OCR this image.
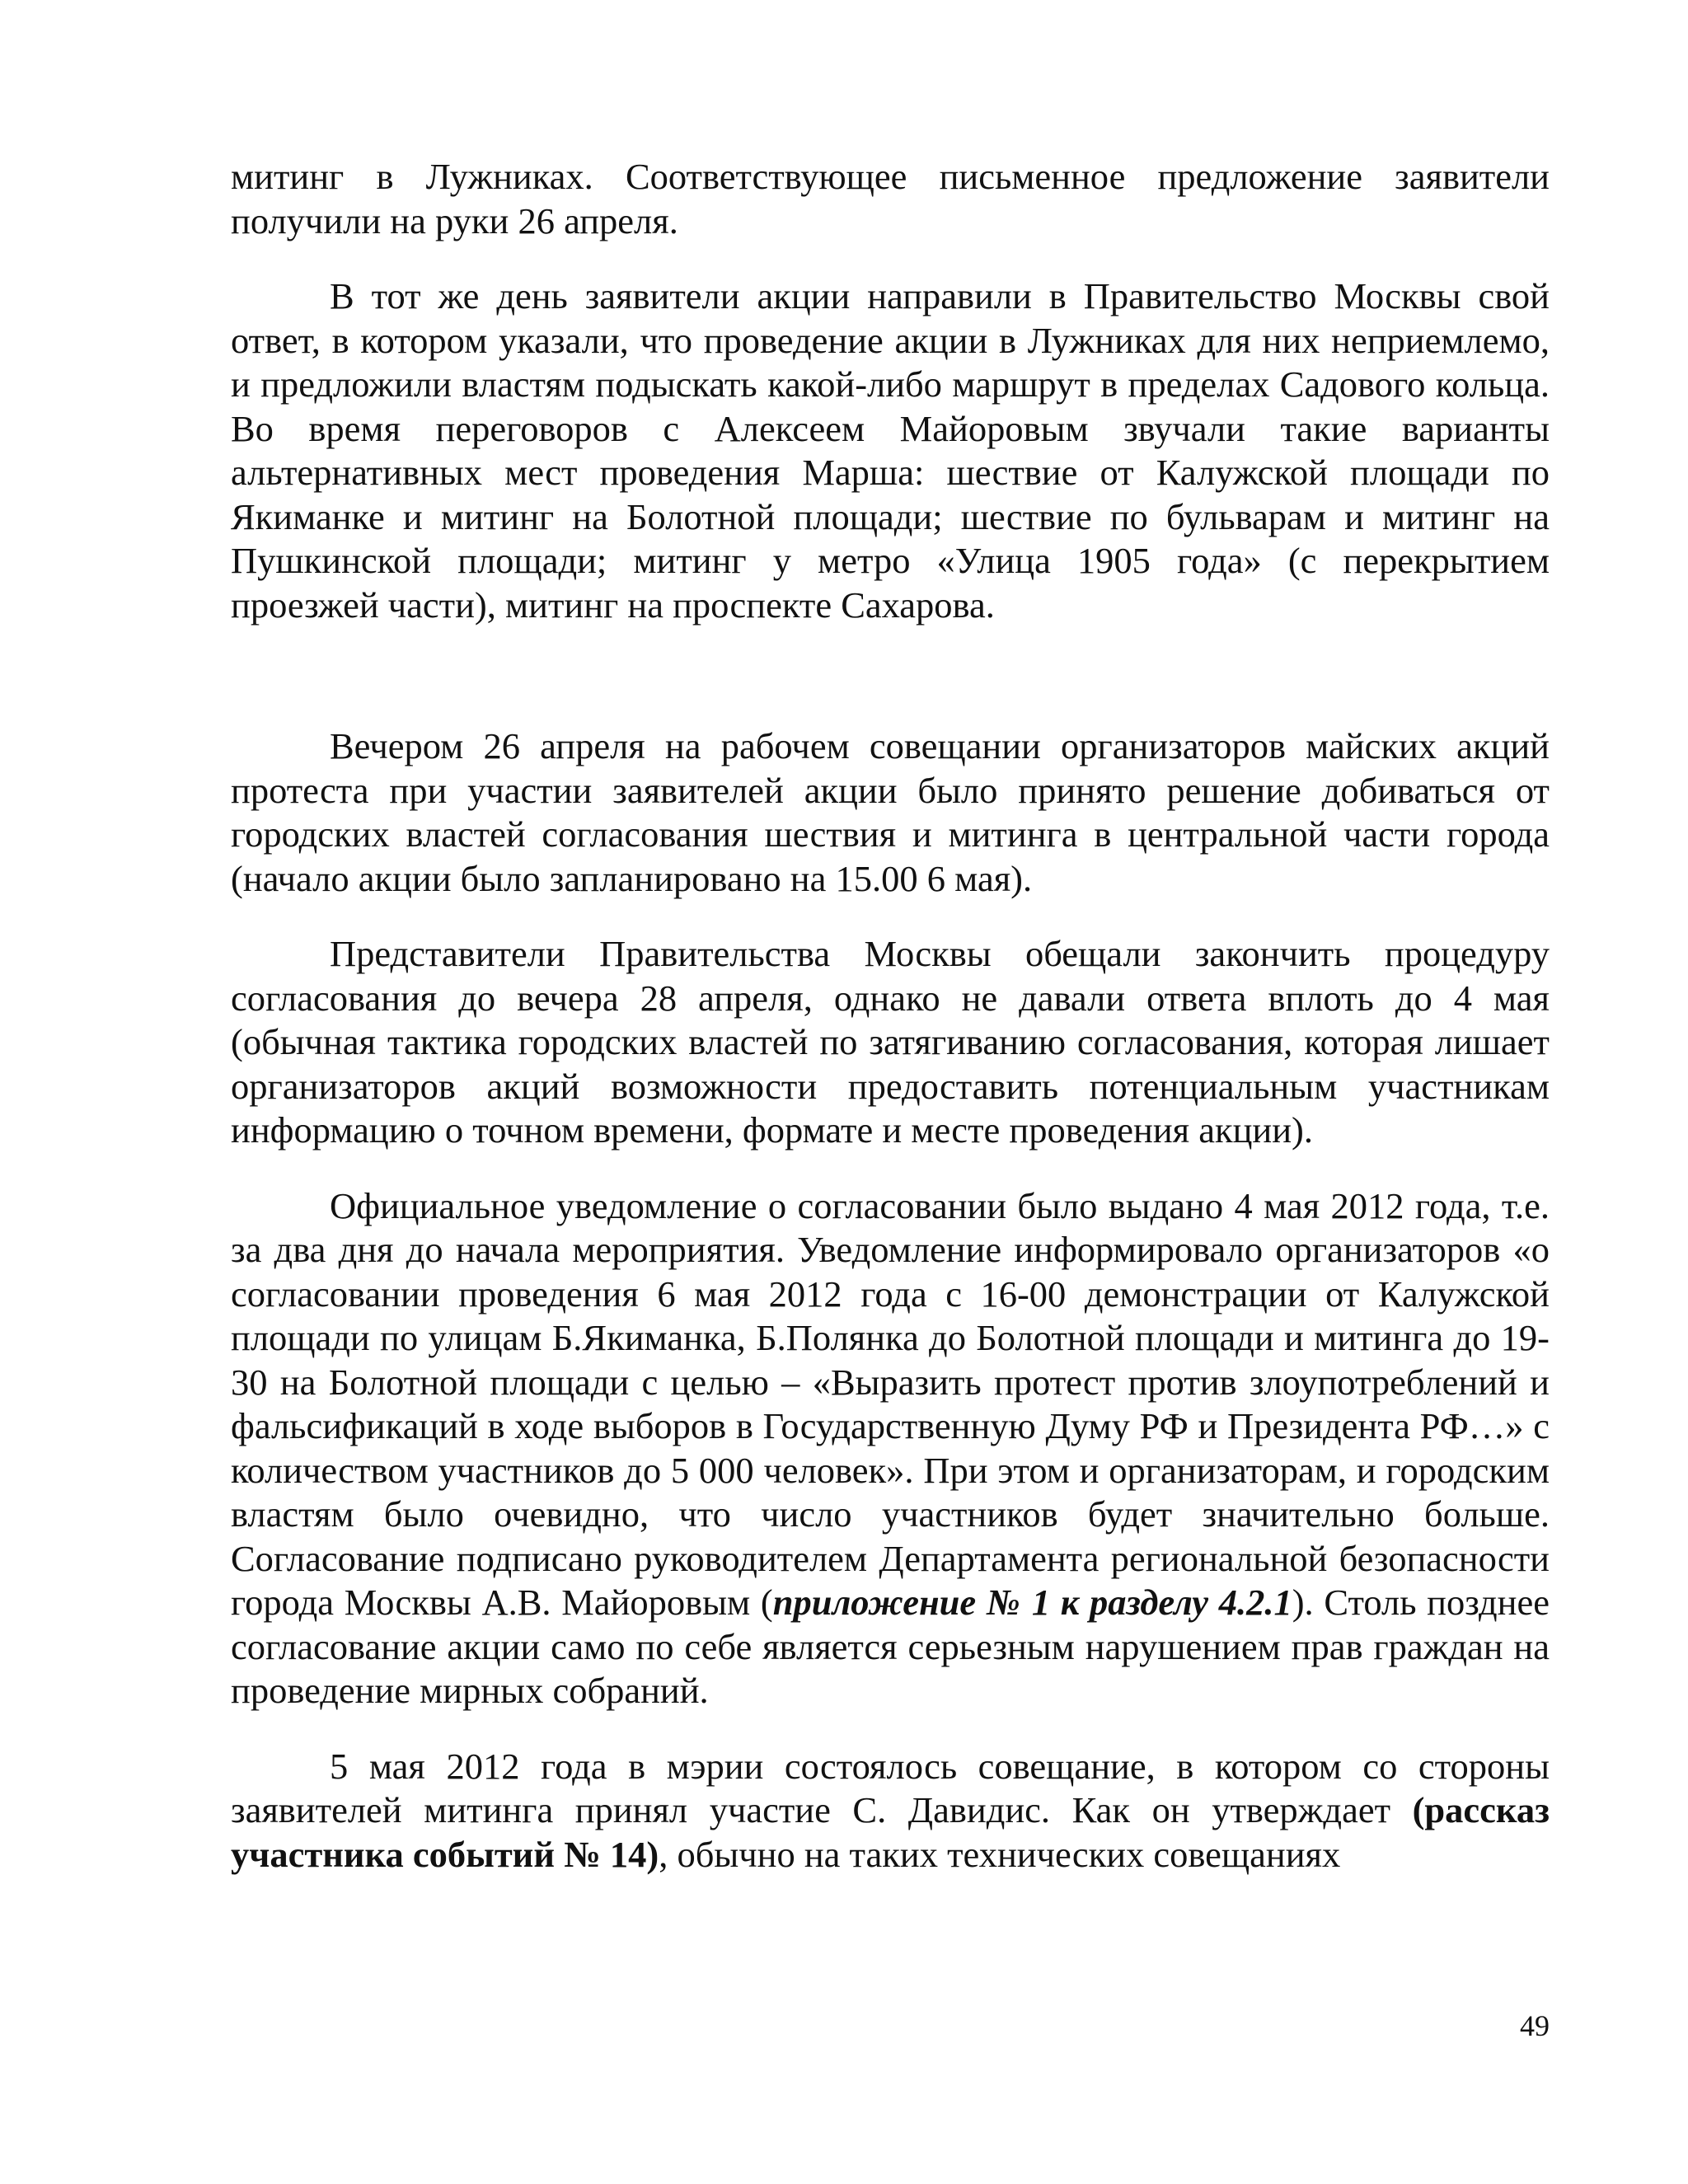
митинг в Лужниках. Соответствующее письменное предложение заявители получили на руки 26 апреля.

В тот же день заявители акции направили в Правительство Москвы свой ответ, в котором указали, что проведение акции в Лужниках для них неприемлемо, и предложили властям подыскать какой-либо маршрут в пределах Садового кольца. Во время переговоров с Алексеем Майоровым звучали такие варианты альтернативных мест проведения Марша: шествие от Калужской площади по Якиманке и митинг на Болотной площади; шествие по бульварам и митинг на Пушкинской площади; митинг у метро «Улица 1905 года» (с перекрытием проезжей части), митинг на проспекте Сахарова.

Вечером 26 апреля на рабочем совещании организаторов майских акций протеста при участии заявителей акции было принято решение добиваться от городских властей согласования шествия и митинга в центральной части города (начало акции было запланировано на 15.00 6 мая).

Представители Правительства Москвы обещали закончить процедуру согласования до вечера 28 апреля, однако не давали ответа вплоть до 4 мая (обычная тактика городских властей по затягиванию согласования, которая лишает организаторов акций возможности предоставить потенциальным участникам информацию о точном времени, формате и месте проведения акции).

Официальное уведомление о согласовании было выдано 4 мая 2012 года, т.е. за два дня до начала мероприятия. Уведомление информировало организаторов «о согласовании проведения 6 мая 2012 года с 16-00 демонстрации от Калужской площади по улицам Б.Якиманка, Б.Полянка до Болотной площади и митинга до 19-30 на Болотной площади с целью – «Выразить протест против злоупотреблений и фальсификаций в ходе выборов в Государственную Думу РФ и Президента РФ…» с количеством участников до 5 000 человек». При этом и организаторам, и городским властям было очевидно, что число участников будет значительно больше. Согласование подписано руководителем Департамента региональной безопасности города Москвы А.В. Майоровым (приложение № 1 к разделу 4.2.1). Столь позднее согласование акции само по себе является серьезным нарушением прав граждан на проведение мирных собраний.

5 мая 2012 года в мэрии состоялось совещание, в котором со стороны заявителей митинга принял участие С. Давидис. Как он утверждает (рассказ участника событий № 14), обычно на таких технических совещаниях

49
